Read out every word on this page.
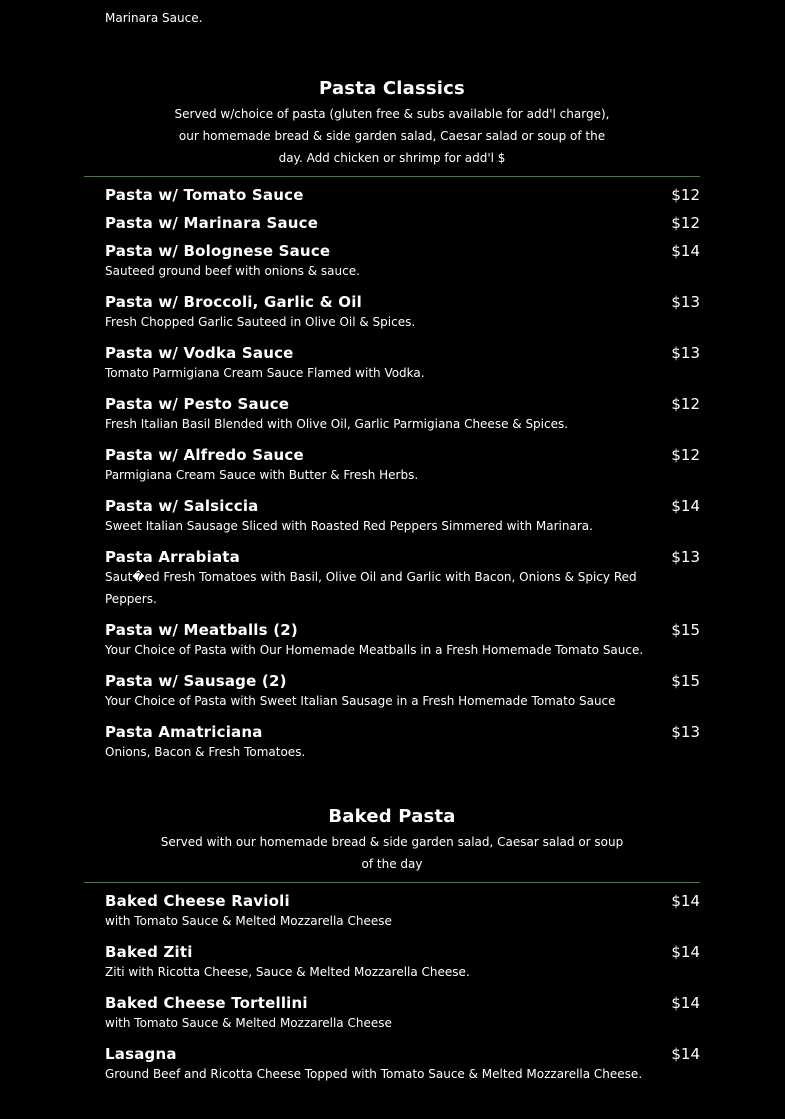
Marinara Sauce.
Pasta Classics

Served w/choice of pasta (gluten free & subs available for add'l charge), our homemade bread & side garden salad, Caesar salad or soup of the day. Add chicken or shrimp for add'l $

Pasta w/ Tomato Sauce	$12
Pasta w/ Marinara Sauce	$12
Pasta w/ Bolognese Sauce	$14
Sauteed ground beef with onions & sauce.
Pasta w/ Broccoli, Garlic & Oil	$13
Fresh Chopped Garlic Sauteed in Olive Oil & Spices.
Pasta w/ Vodka Sauce	$13
Tomato Parmigiana Cream Sauce Flamed with Vodka.
Pasta w/ Pesto Sauce	$12
Fresh Italian Basil Blended with Olive Oil, Garlic Parmigiana Cheese & Spices.
Pasta w/ Alfredo Sauce	$12
Parmigiana Cream Sauce with Butter & Fresh Herbs.
Pasta w/ Salsiccia	$14
Sweet Italian Sausage Sliced with Roasted Red Peppers Simmered with Marinara.
Pasta Arrabiata	$13
Saut�ed Fresh Tomatoes with Basil, Olive Oil and Garlic with Bacon, Onions & Spicy Red Peppers.
Pasta w/ Meatballs (2)	$15
Your Choice of Pasta with Our Homemade Meatballs in a Fresh Homemade Tomato Sauce.
Pasta w/ Sausage (2)	$15
Your Choice of Pasta with Sweet Italian Sausage in a Fresh Homemade Tomato Sauce
Pasta Amatriciana	$13
Onions, Bacon & Fresh Tomatoes.
Baked Pasta

Served with our homemade bread & side garden salad, Caesar salad or soup of the day

Baked Cheese Ravioli	$14
with Tomato Sauce & Melted Mozzarella Cheese
Baked Ziti	$14
Ziti with Ricotta Cheese, Sauce & Melted Mozzarella Cheese.
Baked Cheese Tortellini	$14
with Tomato Sauce & Melted Mozzarella Cheese
Lasagna	$14
Ground Beef and Ricotta Cheese Topped with Tomato Sauce & Melted Mozzarella Cheese.
